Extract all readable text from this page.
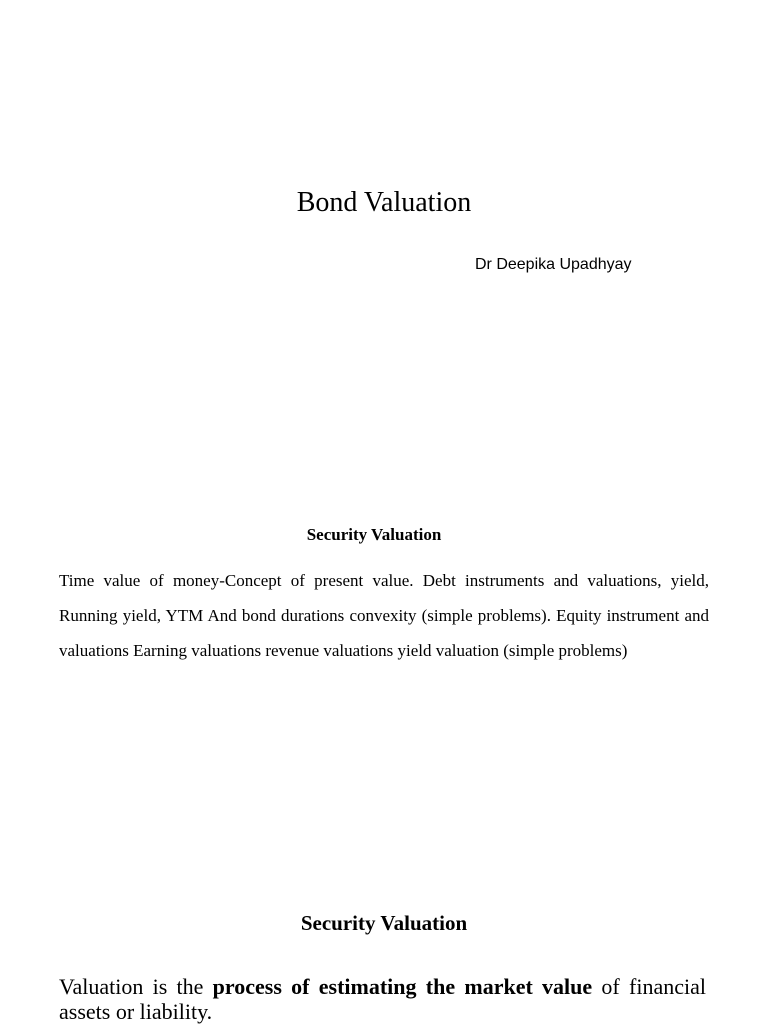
Bond Valuation
Dr Deepika Upadhyay
Security Valuation

Time value of money-Concept of present value. Debt instruments and valuations, yield, Running yield, YTM And bond durations convexity (simple problems). Equity instrument and valuations Earning valuations revenue valuations yield valuation (simple problems)

Security Valuation

Valuation is the process of estimating the market value of financial assets or liability.
